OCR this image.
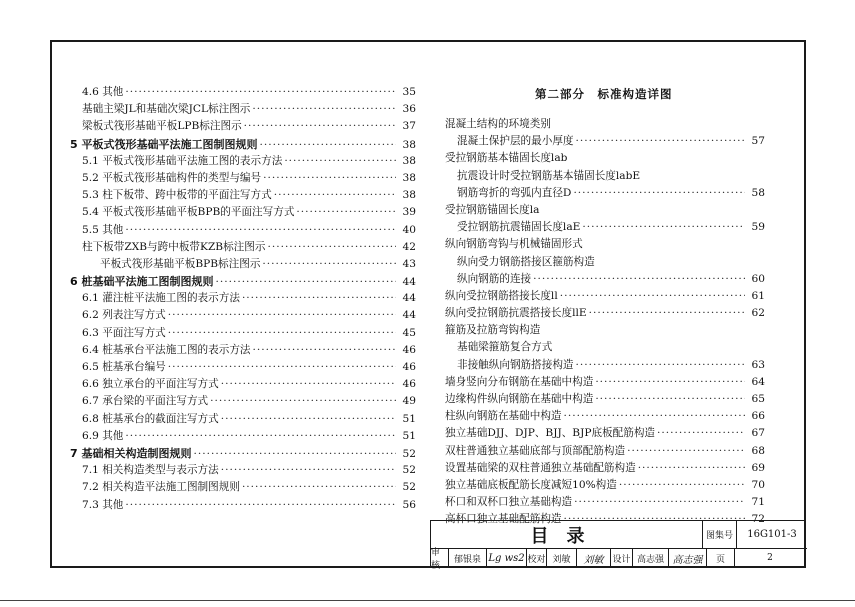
4.6 其他 ·····	35
基础主梁JL和基础次梁JCL标注图示 ·····	36
梁板式筏形基础平板LPB标注图示 ·····	37
5 平板式筏形基础平法施工图制图规则 ·····	38
5.1 平板式筏形基础平法施工图的表示方法 ·····	38
5.2 平板式筏形基础构件的类型与编号 ·····	38
5.3 柱下板带、跨中板带的平面注写方式 ·····	38
5.4 平板式筏形基础平板BPB的平面注写方式 ·····	39
5.5 其他 ·····	40
柱下板带ZXB与跨中板带KZB标注图示 ·····	42
平板式筏形基础平板BPB标注图示 ·····	43
6 桩基础平法施工图制图规则 ·····	44
6.1 灌注桩平法施工图的表示方法 ·····	44
6.2 列表注写方式 ·····	44
6.3 平面注写方式 ·····	45
6.4 桩基承台平法施工图的表示方法 ·····	46
6.5 桩基承台编号 ·····	46
6.6 独立承台的平面注写方式 ·····	46
6.7 承台梁的平面注写方式 ·····	49
6.8 桩基承台的截面注写方式 ·····	51
6.9 其他 ·····	51
7 基础相关构造制图规则 ·····	52
7.1 相关构造类型与表示方法 ·····	52
7.2 相关构造平法施工图制图规则 ·····	52
7.3 其他 ·····	56
第二部分　标准构造详图
混凝土结构的环境类别
混凝土保护层的最小厚度 ·····	57
受拉钢筋基本锚固长度lab
抗震设计时受拉钢筋基本锚固长度labE
钢筋弯折的弯弧内直径D ·····	58
受拉钢筋锚固长度la
受拉钢筋抗震锚固长度laE ·····	59
纵向钢筋弯钩与机械锚固形式
纵向受力钢筋搭接区箍筋构造
纵向钢筋的连接 ·····	60
纵向受拉钢筋搭接长度ll ·····	61
纵向受拉钢筋抗震搭接长度llE ·····	62
箍筋及拉筋弯钩构造
基础梁箍筋复合方式
非接触纵向钢筋搭接构造 ·····	63
墙身竖向分布钢筋在基础中构造 ·····	64
边缘构件纵向钢筋在基础中构造 ·····	65
柱纵向钢筋在基础中构造 ·····	66
独立基础DJJ、DJP、BJJ、BJP底板配筋构造 ·····	67
双柱普通独立基础底部与顶部配筋构造 ·····	68
设置基础梁的双柱普通独立基础配筋构造 ·····	69
独立基础底板配筋长度减短10%构造 ·····	70
杯口和双杯口独立基础构造 ·····	71
高杯口独立基础配筋构造 ·····	72
目录	图集号	16G101-3
审核
郁银泉 Lg ws2 校对 刘敏	刘敏 设计 高志强 高志强	页	2
